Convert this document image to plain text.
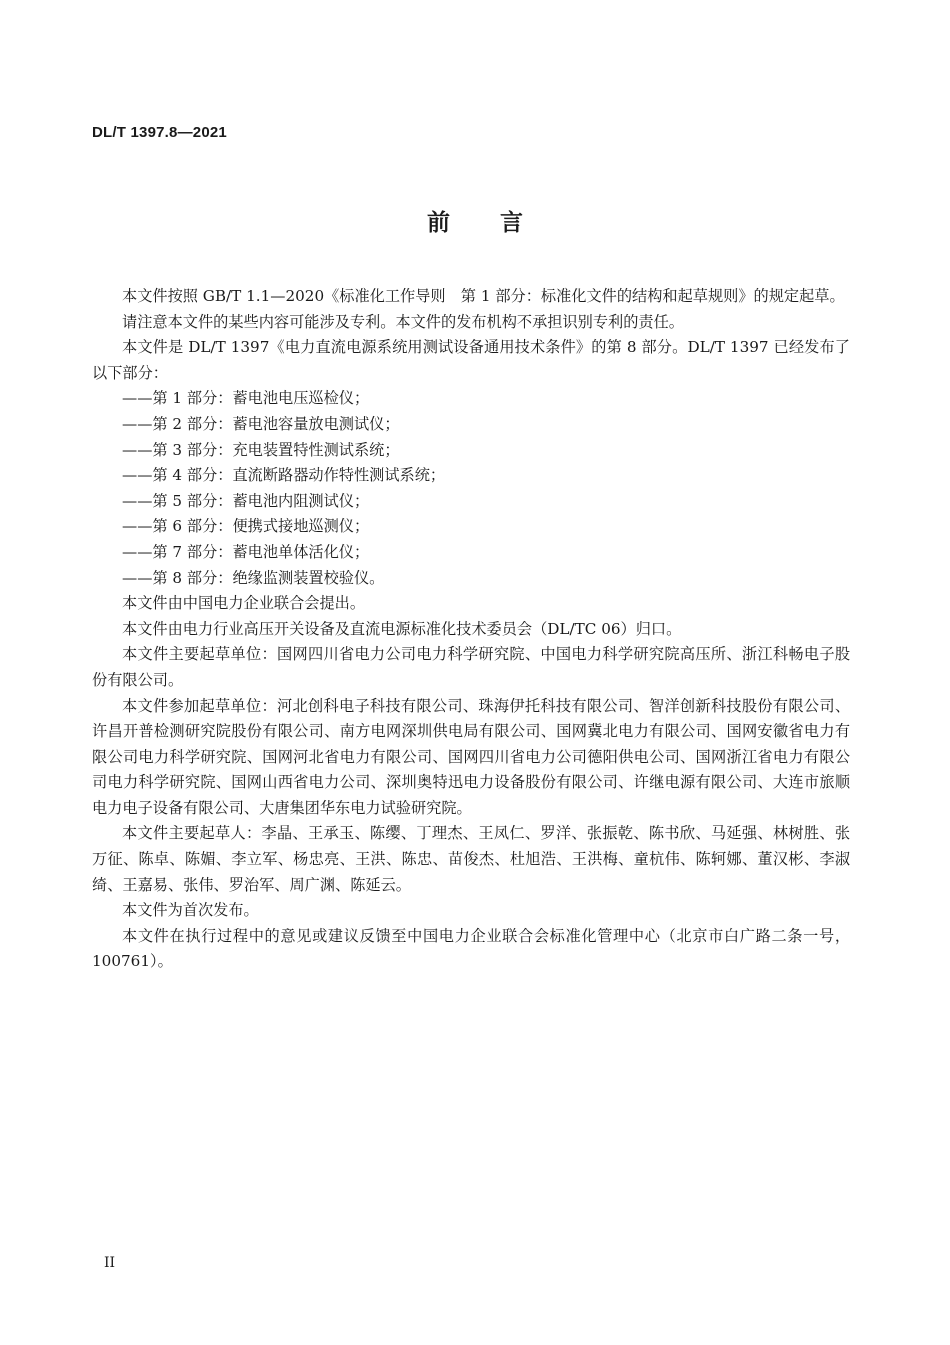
DL/T 1397.8—2021
前 言

本文件按照 GB/T 1.1—2020《标准化工作导则　第 1 部分：标准化文件的结构和起草规则》的规定起草。

请注意本文件的某些内容可能涉及专利。本文件的发布机构不承担识别专利的责任。

本文件是 DL/T 1397《电力直流电源系统用测试设备通用技术条件》的第 8 部分。DL/T 1397 已经发布了以下部分：

——第 1 部分：蓄电池电压巡检仪；

——第 2 部分：蓄电池容量放电测试仪；

——第 3 部分：充电装置特性测试系统；

——第 4 部分：直流断路器动作特性测试系统；

——第 5 部分：蓄电池内阻测试仪；

——第 6 部分：便携式接地巡测仪；

——第 7 部分：蓄电池单体活化仪；

——第 8 部分：绝缘监测装置校验仪。

本文件由中国电力企业联合会提出。

本文件由电力行业高压开关设备及直流电源标准化技术委员会（DL/TC 06）归口。

本文件主要起草单位：国网四川省电力公司电力科学研究院、中国电力科学研究院高压所、浙江科畅电子股份有限公司。

本文件参加起草单位：河北创科电子科技有限公司、珠海伊托科技有限公司、智洋创新科技股份有限公司、许昌开普检测研究院股份有限公司、南方电网深圳供电局有限公司、国网冀北电力有限公司、国网安徽省电力有限公司电力科学研究院、国网河北省电力有限公司、国网四川省电力公司德阳供电公司、国网浙江省电力有限公司电力科学研究院、国网山西省电力公司、深圳奥特迅电力设备股份有限公司、许继电源有限公司、大连市旅顺电力电子设备有限公司、大唐集团华东电力试验研究院。

本文件主要起草人：李晶、王承玉、陈缨、丁理杰、王凤仁、罗洋、张振乾、陈书欣、马延强、林树胜、张万征、陈卓、陈媚、李立军、杨忠亮、王洪、陈忠、苗俊杰、杜旭浩、王洪梅、童杭伟、陈轲娜、董汉彬、李淑绮、王嘉易、张伟、罗治军、周广渊、陈延云。

本文件为首次发布。

本文件在执行过程中的意见或建议反馈至中国电力企业联合会标准化管理中心（北京市白广路二条一号，100761）。

II
